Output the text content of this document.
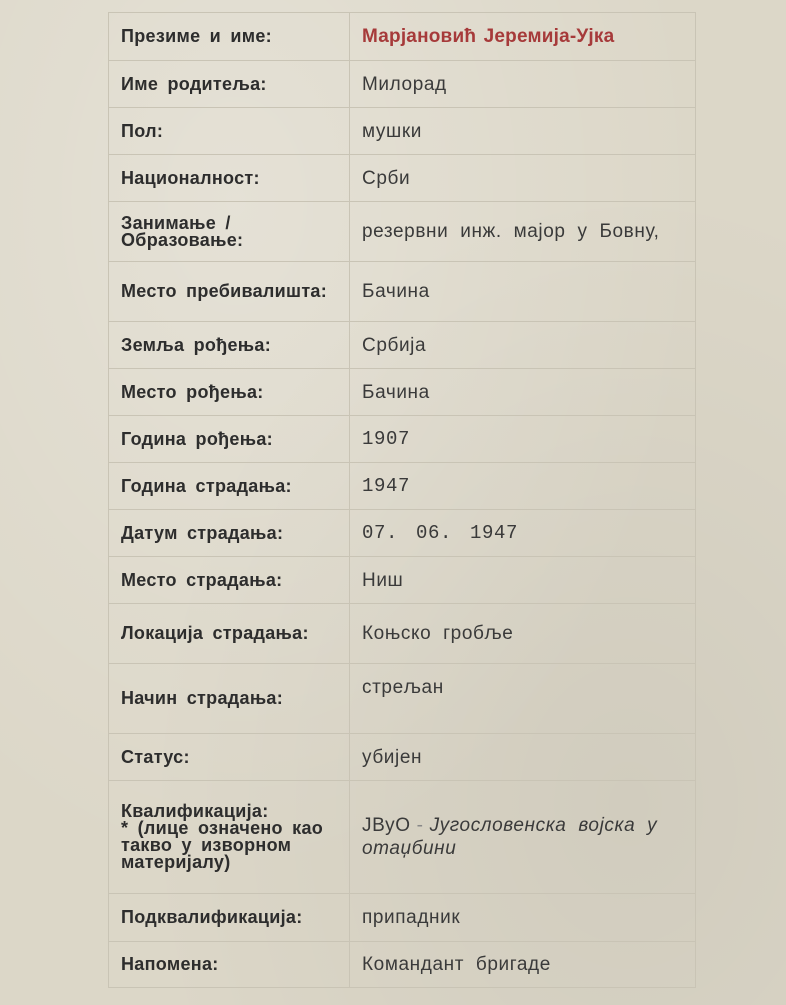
Презиме и име:	Марјановић Јеремија-Ујка
Име родитеља:	Милорад
Пол:	мушки
Националност:	Срби
Занимање / Образовање:	резервни инж. мајор у Бовну,
Место пребивалишта:	Бачина
Земља рођења:	Србија
Место рођења:	Бачина
Година рођења:	1907
Година страдања:	1947
Датум страдања:	07. 06. 1947
Место страдања:	Ниш
Локација страдања:	Коњско гробље
Начин страдања:	стрељан
Статус:	убијен

Квалификација:
* (лице означено као такво у изворном материјалу)	JВуО - Југословенска војска у отаџбини
Подквалификација:	припадник
Напомена:	Командант бригаде
